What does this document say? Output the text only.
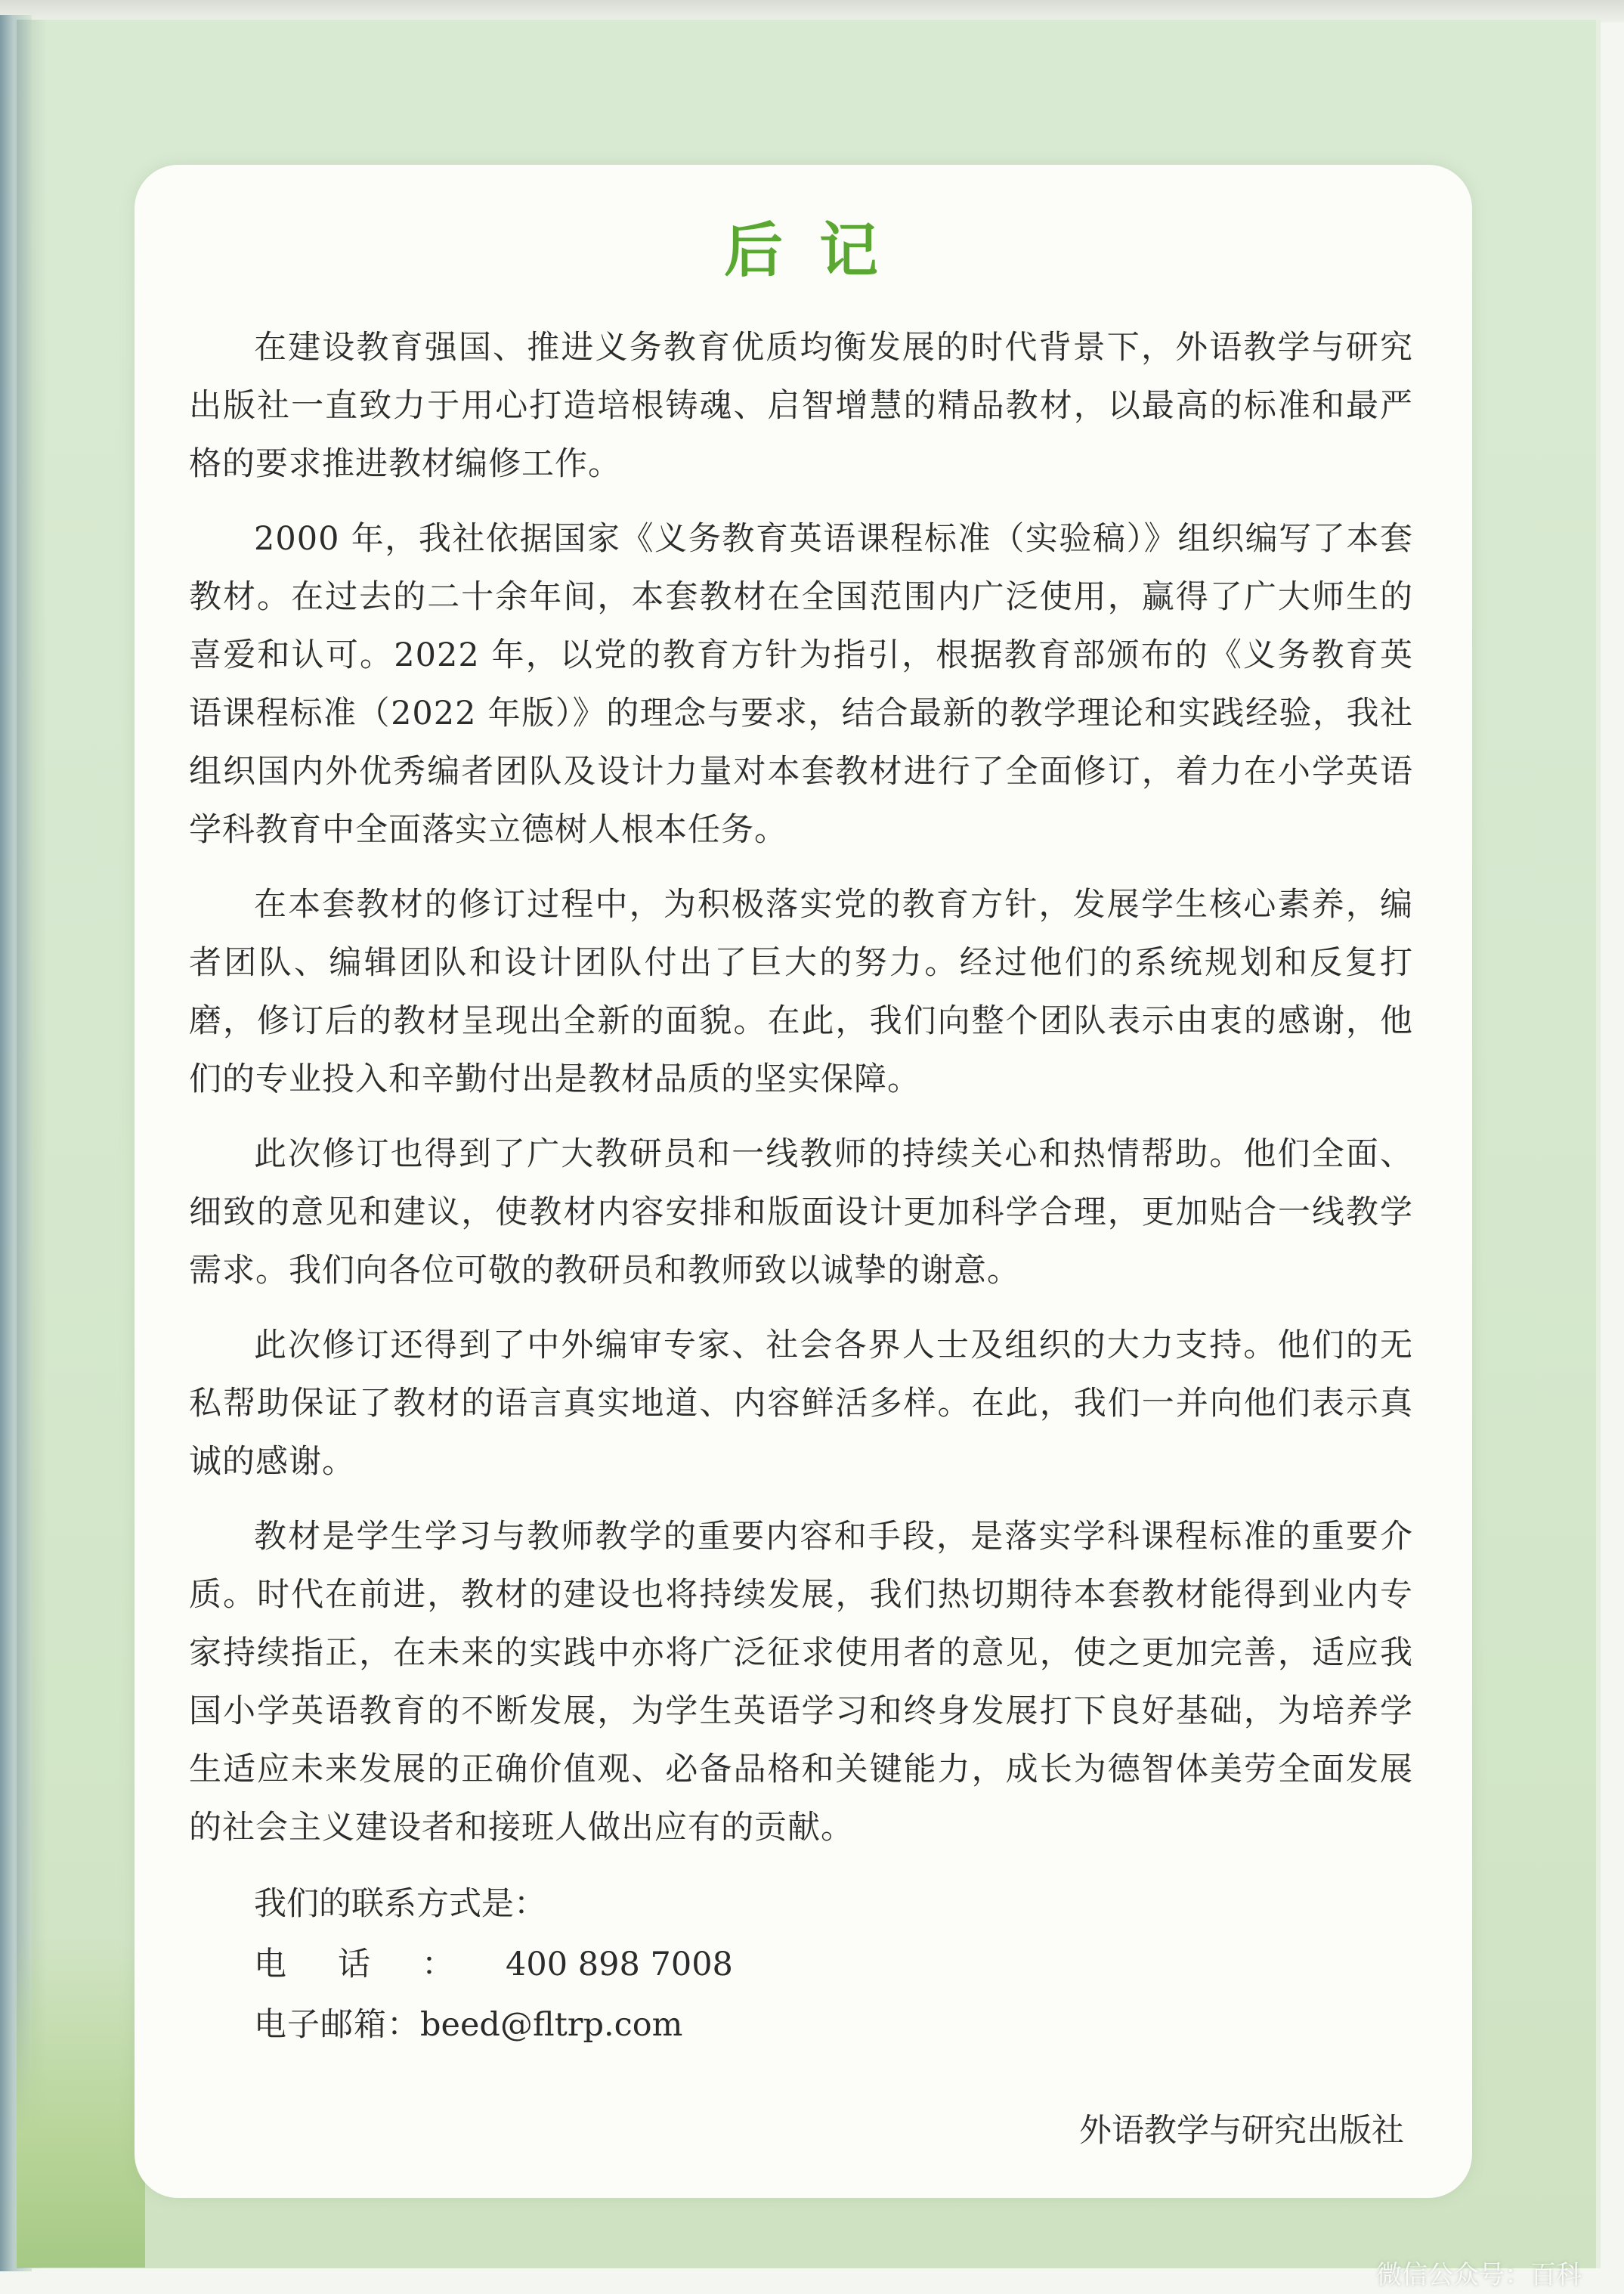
后记

在建设教育强国、推进义务教育优质均衡发展的时代背景下，外语教学与研究出版社一直致力于用心打造培根铸魂、启智增慧的精品教材，以最高的标准和最严格的要求推进教材编修工作。

2000 年，我社依据国家《义务教育英语课程标准（实验稿）》组织编写了本套教材。在过去的二十余年间，本套教材在全国范围内广泛使用，赢得了广大师生的喜爱和认可。2022 年，以党的教育方针为指引，根据教育部颁布的《义务教育英语课程标准（2022 年版）》的理念与要求，结合最新的教学理论和实践经验，我社组织国内外优秀编者团队及设计力量对本套教材进行了全面修订，着力在小学英语学科教育中全面落实立德树人根本任务。

在本套教材的修订过程中，为积极落实党的教育方针，发展学生核心素养，编者团队、编辑团队和设计团队付出了巨大的努力。经过他们的系统规划和反复打磨，修订后的教材呈现出全新的面貌。在此，我们向整个团队表示由衷的感谢，他们的专业投入和辛勤付出是教材品质的坚实保障。

此次修订也得到了广大教研员和一线教师的持续关心和热情帮助。他们全面、细致的意见和建议，使教材内容安排和版面设计更加科学合理，更加贴合一线教学需求。我们向各位可敬的教研员和教师致以诚挚的谢意。

此次修订还得到了中外编审专家、社会各界人士及组织的大力支持。他们的无私帮助保证了教材的语言真实地道、内容鲜活多样。在此，我们一并向他们表示真诚的感谢。

教材是学生学习与教师教学的重要内容和手段，是落实学科课程标准的重要介质。时代在前进，教材的建设也将持续发展，我们热切期待本套教材能得到业内专家持续指正，在未来的实践中亦将广泛征求使用者的意见，使之更加完善，适应我国小学英语教育的不断发展，为学生英语学习和终身发展打下良好基础，为培养学生适应未来发展的正确价值观、必备品格和关键能力，成长为德智体美劳全面发展的社会主义建设者和接班人做出应有的贡献。

我们的联系方式是：
电话：400 898 7008
电子邮箱：beed@fltrp.com
外语教学与研究出版社
微信公众号：百科
